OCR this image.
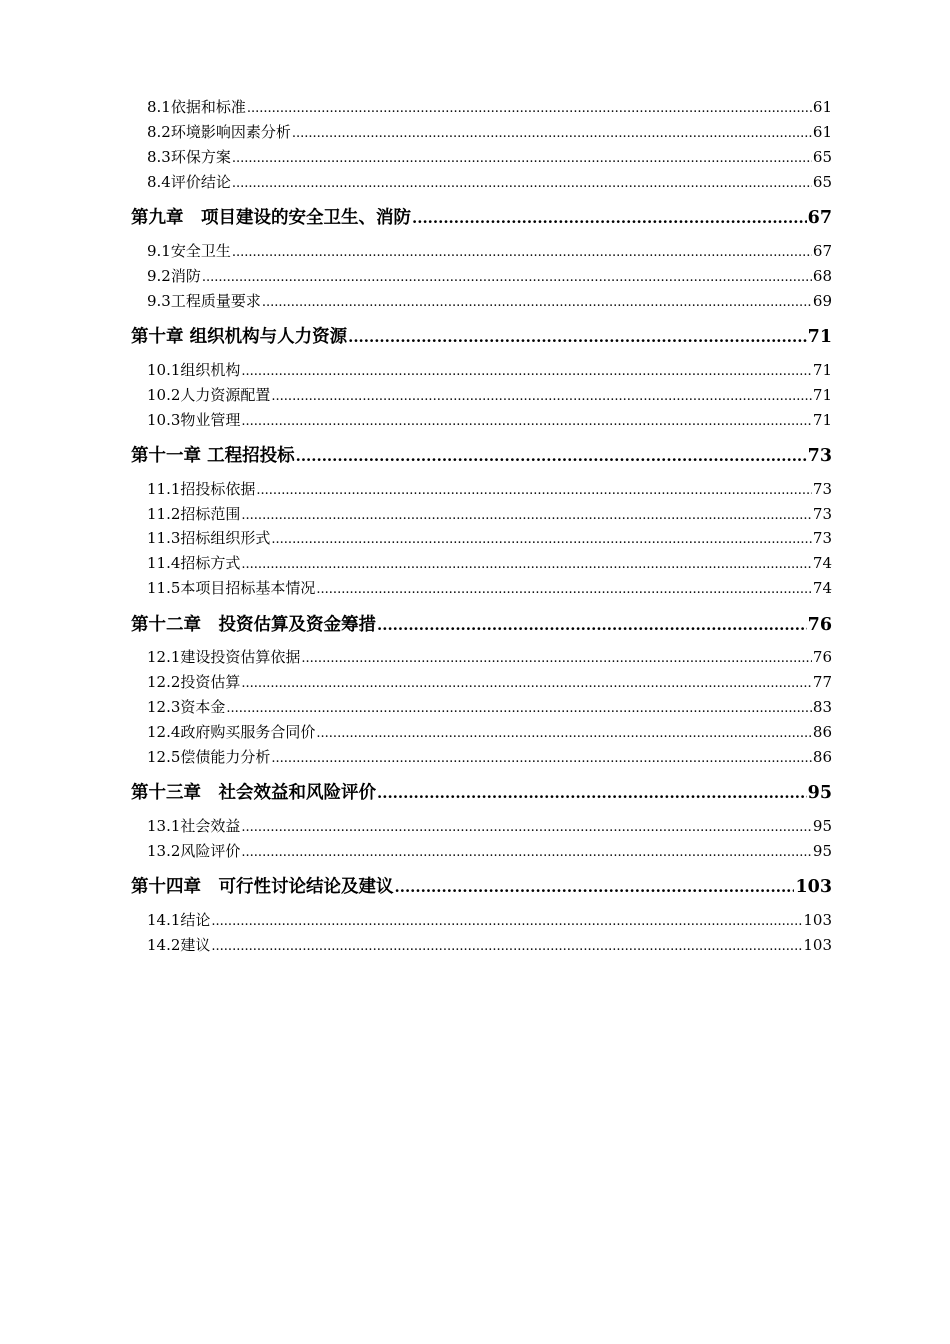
8.1依据和标准 .....	61
8.2环境影响因素分析 .....	61
8.3环保方案 .....	65
8.4评价结论 .....	65
第九章　项目建设的安全卫生、消防 .....	67
9.1安全卫生 .....	67
9.2消防 .....	68
9.3工程质量要求 .....	69
第十章 组织机构与人力资源 .....	71
10.1组织机构 .....	71
10.2人力资源配置 .....	71
10.3物业管理 .....	71
第十一章 工程招投标 .....	73
11.1招投标依据 .....	73
11.2招标范围 .....	73
11.3招标组织形式 .....	73
11.4招标方式 .....	74
11.5本项目招标基本情况 .....	74
第十二章　投资估算及资金筹措 .....	76
12.1建设投资估算依据 .....	76
12.2投资估算 .....	77
12.3资本金 .....	83
12.4政府购买服务合同价 .....	86
12.5偿债能力分析 .....	86
第十三章　社会效益和风险评价 .....	95
13.1社会效益 .....	95
13.2风险评价 .....	95
第十四章　可行性讨论结论及建议 .....	103
14.1结论 .....	103
14.2建议 .....	103
